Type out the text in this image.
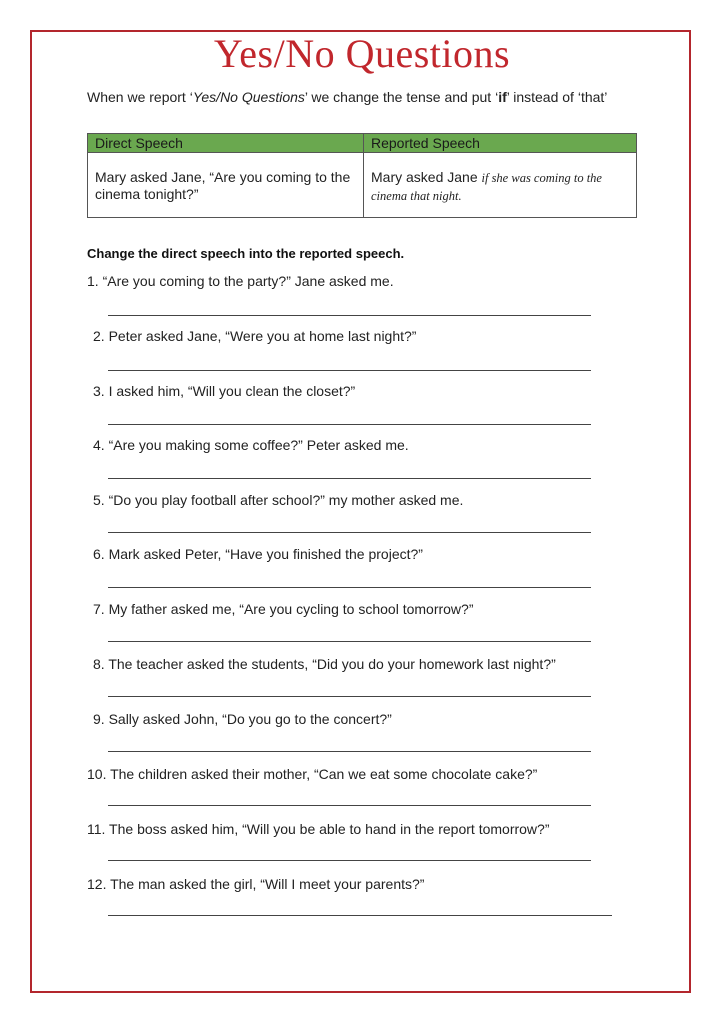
Yes/No Questions
When we report ‘Yes/No Questions’ we change the tense and put ‘if’ instead of ‘that’
Direct Speech	Reported Speech
Mary asked Jane, “Are you coming to the cinema tonight?”	Mary asked Jane if she was coming to the cinema that night.
Change the direct speech into the reported speech.
1. “Are you coming to the party?” Jane asked me.
2. Peter asked Jane, “Were you at home last night?”
3. I asked him, “Will you clean the closet?”
4. “Are you making some coffee?” Peter asked me.
5. “Do you play football after school?” my mother asked me.
6. Mark asked Peter, “Have you finished the project?”
7. My father asked me, “Are you cycling to school tomorrow?”
8. The teacher asked the students, “Did you do your homework last night?”
9. Sally asked John, “Do you go to the concert?”
10. The children asked their mother, “Can we eat some chocolate cake?”
11. The boss asked him, “Will you be able to hand in the report tomorrow?”
12. The man asked the girl, “Will I meet your parents?”
